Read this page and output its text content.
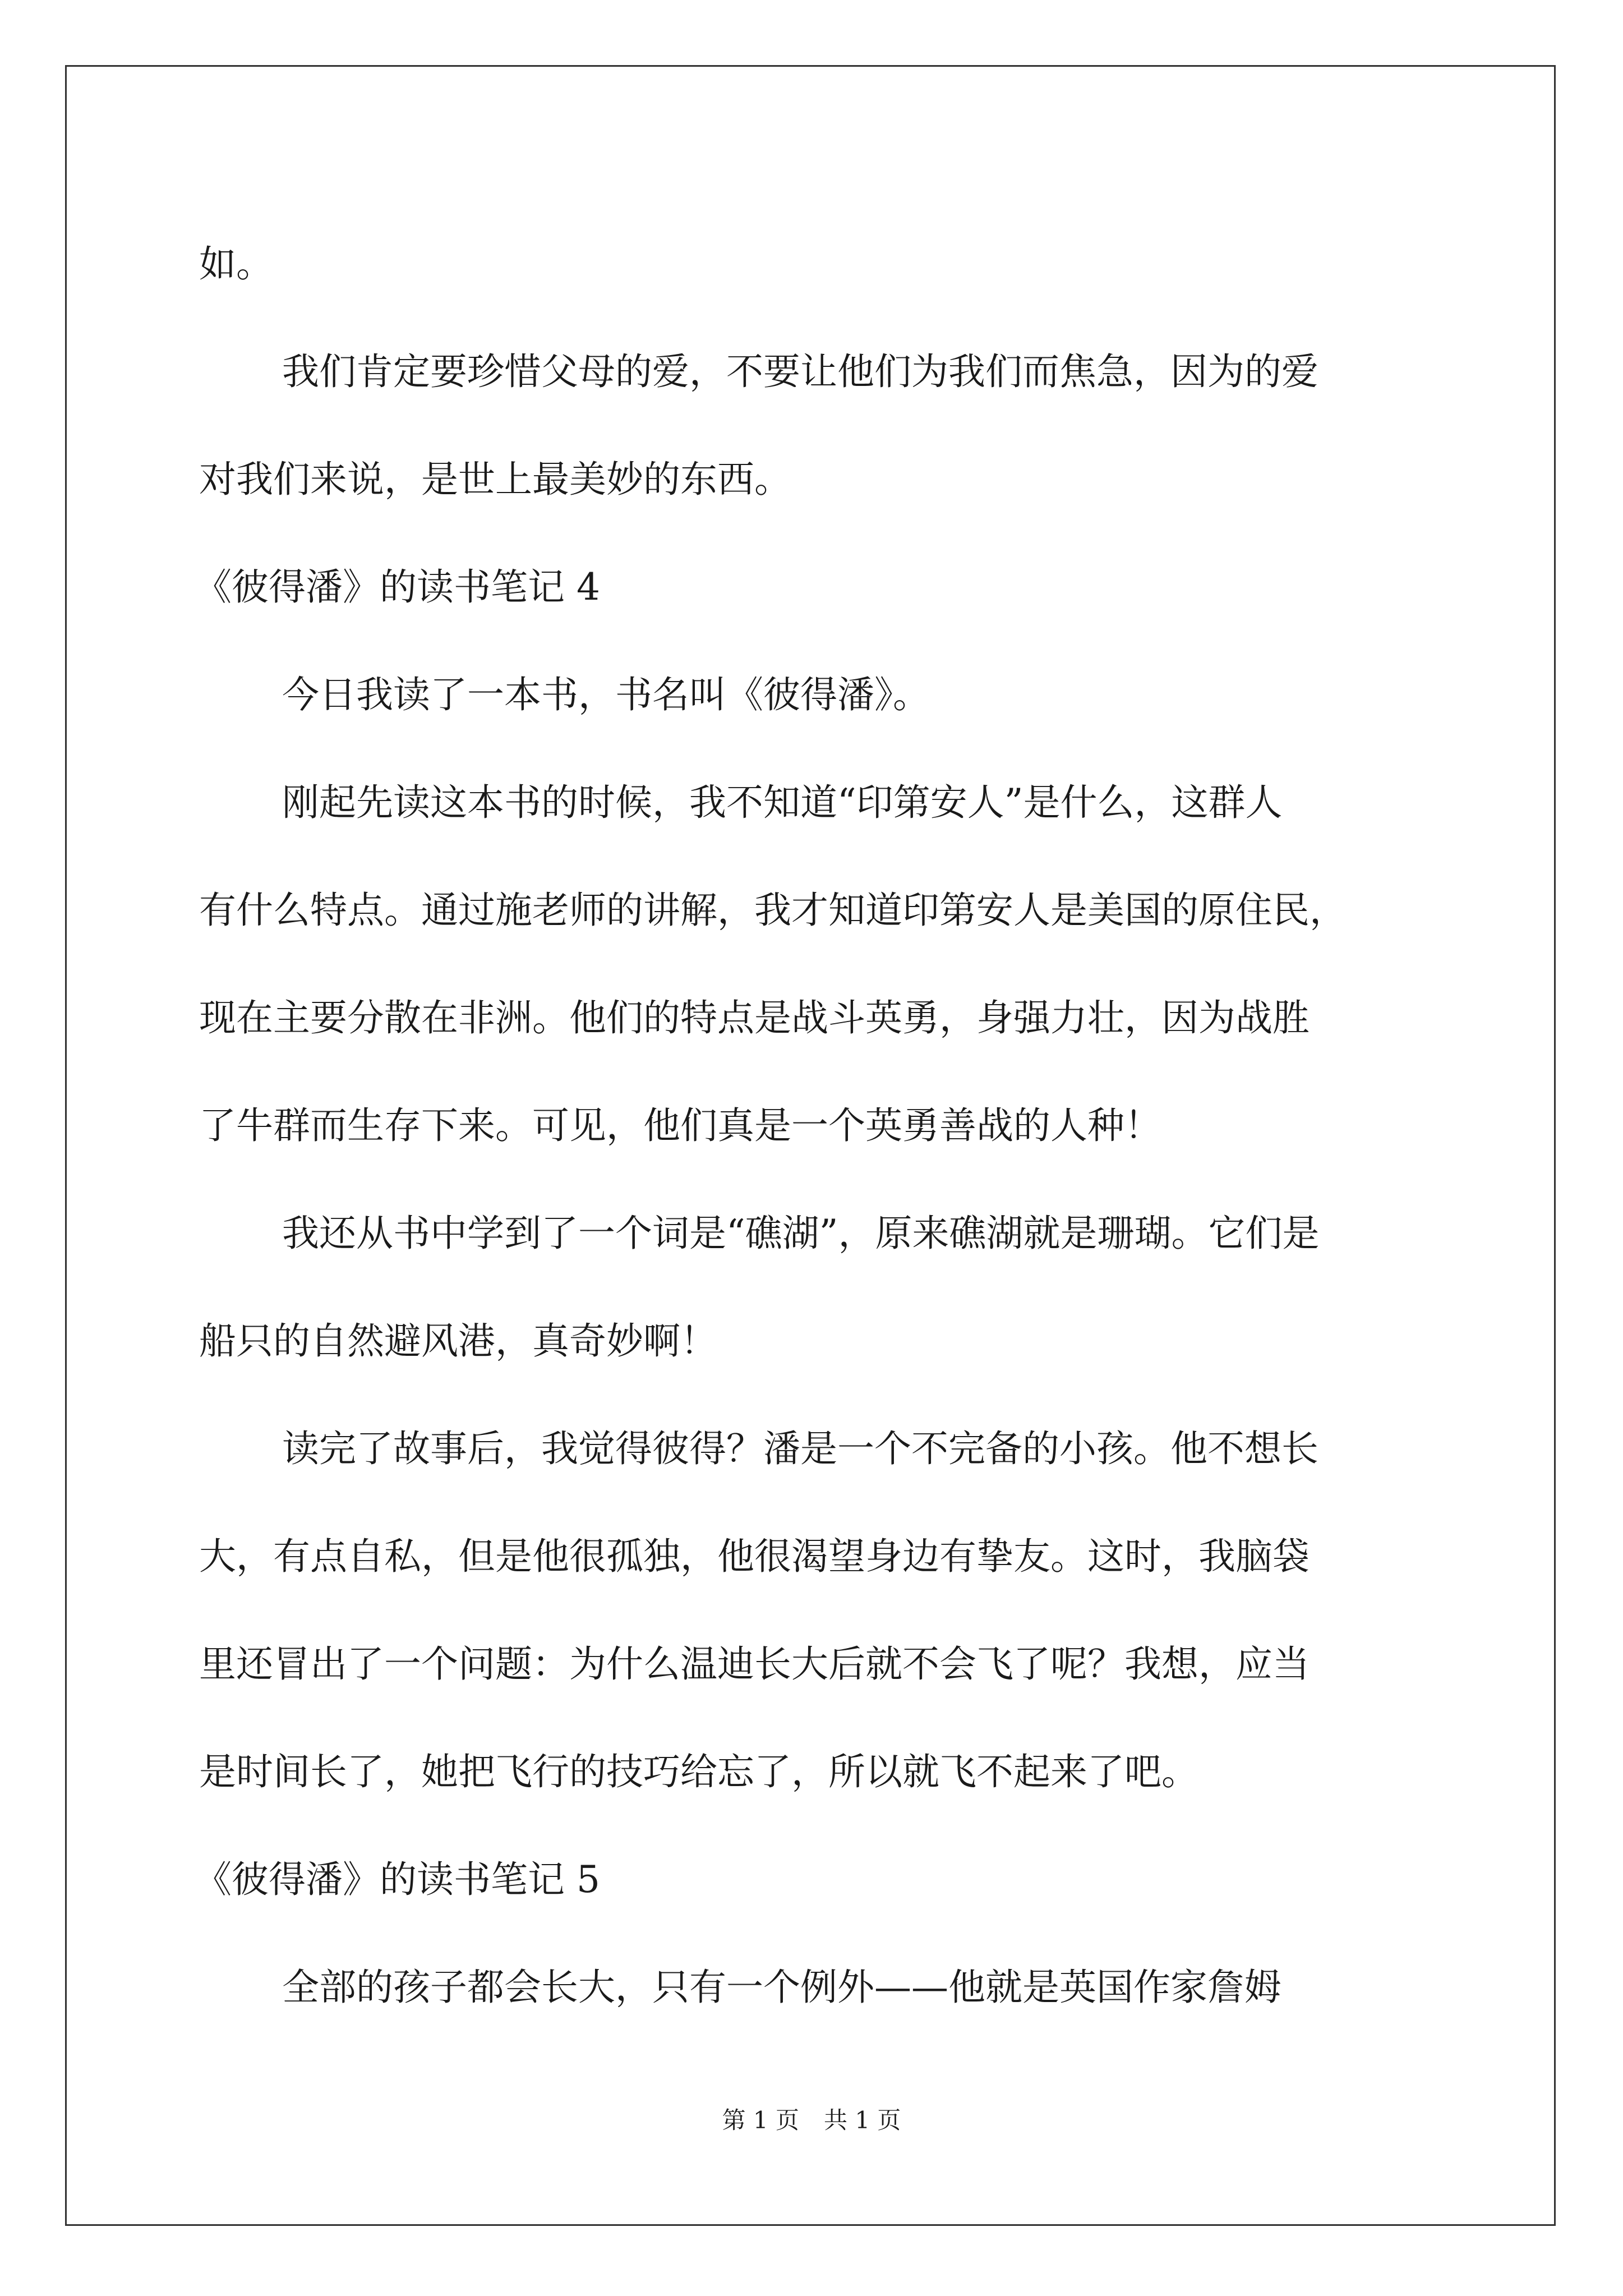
如。
我们肯定要珍惜父母的爱，不要让他们为我们而焦急，因为的爱
对我们来说，是世上最美妙的东西。
《彼得潘》的读书笔记 4
今日我读了一本书，书名叫《彼得潘》。
刚起先读这本书的时候，我不知道“印第安人”是什么，这群人
有什么特点。通过施老师的讲解，我才知道印第安人是美国的原住民，
现在主要分散在非洲。他们的特点是战斗英勇，身强力壮，因为战胜
了牛群而生存下来。可见，他们真是一个英勇善战的人种！
我还从书中学到了一个词是“礁湖”，原来礁湖就是珊瑚。它们是
船只的自然避风港，真奇妙啊！
读完了故事后，我觉得彼得？潘是一个不完备的小孩。他不想长
大，有点自私，但是他很孤独，他很渴望身边有挚友。这时，我脑袋
里还冒出了一个问题：为什么温迪长大后就不会飞了呢？我想，应当
是时间长了，她把飞行的技巧给忘了，所以就飞不起来了吧。
《彼得潘》的读书笔记 5
全部的孩子都会长大，只有一个例外——他就是英国作家詹姆
第 1 页 共 1 页
